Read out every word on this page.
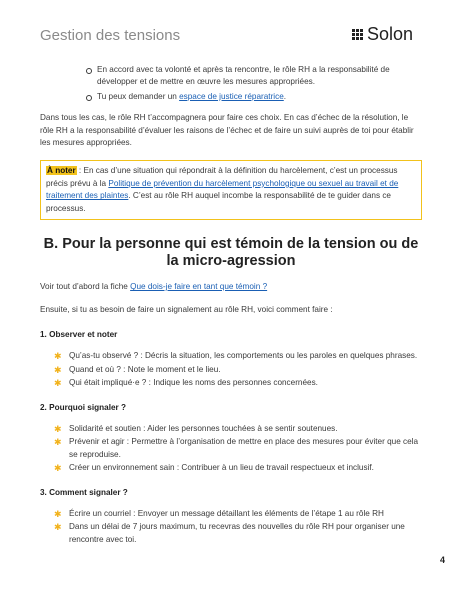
Gestion des tensions	Solon
En accord avec ta volonté et après ta rencontre, le rôle RH a la responsabilité de développer et de mettre en œuvre les mesures appropriées.
Tu peux demander un espace de justice réparatrice.

Dans tous les cas, le rôle RH t’accompagnera pour faire ces choix. En cas d’échec de la résolution, le rôle RH a la responsabilité d’évaluer les raisons de l’échec et de faire un suivi auprès de toi pour établir les mesures appropriées.

À noter : En cas d’une situation qui répondrait à la définition du harcèlement, c’est un processus précis prévu à la Politique de prévention du harcèlement psychologique ou sexuel au travail et de traitement des plaintes. C’est au rôle RH auquel incombe la responsabilité de te guider dans ce processus.
B. Pour la personne qui est témoin de la tension ou de la micro-agression

Voir tout d’abord la fiche Que dois-je faire en tant que témoin ?

Ensuite, si tu as besoin de faire un signalement au rôle RH, voici comment faire :

1. Observer et noter
✱ Qu’as-tu observé ? : Décris la situation, les comportements ou les paroles en quelques phrases.
✱ Quand et où ? : Note le moment et le lieu.
✱ Qui était impliqué·e ? : Indique les noms des personnes concernées.
2. Pourquoi signaler ?
✱ Solidarité et soutien : Aider les personnes touchées à se sentir soutenues.
✱ Prévenir et agir : Permettre à l’organisation de mettre en place des mesures pour éviter que cela se reproduise.
✱ Créer un environnement sain : Contribuer à un lieu de travail respectueux et inclusif.
3. Comment signaler ?
✱ Écrire un courriel : Envoyer un message détaillant les éléments de l’étape 1 au rôle RH
✱ Dans un délai de 7 jours maximum, tu recevras des nouvelles du rôle RH pour organiser une rencontre avec toi.
4
